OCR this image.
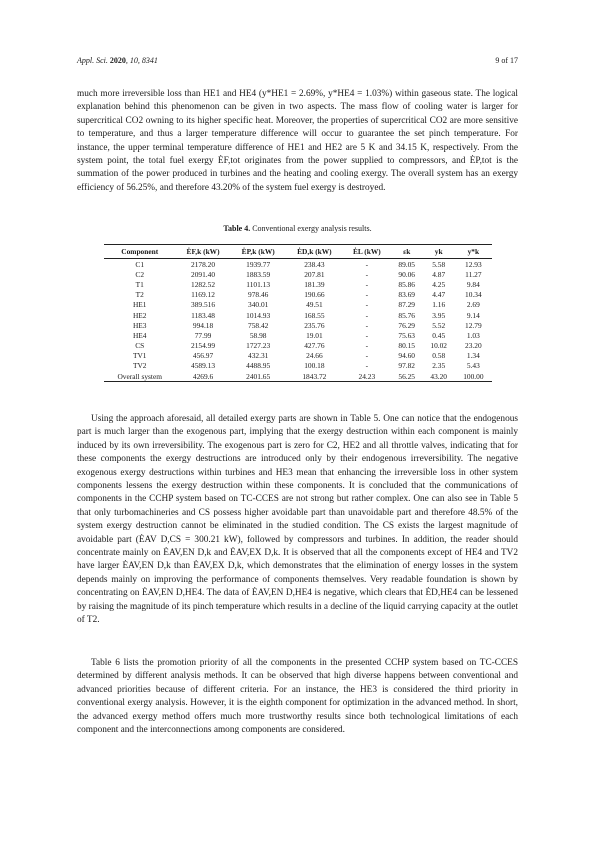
Appl. Sci. 2020, 10, 8341	9 of 17

much more irreversible loss than HE1 and HE4 (y*HE1 = 2.69%, y*HE4 = 1.03%) within gaseous state. The logical explanation behind this phenomenon can be given in two aspects. The mass flow of cooling water is larger for supercritical CO2 owning to its higher specific heat. Moreover, the properties of supercritical CO2 are more sensitive to temperature, and thus a larger temperature difference will occur to guarantee the set pinch temperature. For instance, the upper terminal temperature difference of HE1 and HE2 are 5 K and 34.15 K, respectively. From the system point, the total fuel exergy ĖF,tot originates from the power supplied to compressors, and ĖP,tot is the summation of the power produced in turbines and the heating and cooling exergy. The overall system has an exergy efficiency of 56.25%, and therefore 43.20% of the system fuel exergy is destroyed.

Table 4. Conventional exergy analysis results.
Component	ĖF,k (kW)	ĖP,k (kW)	ĖD,k (kW)	ĖL (kW)	εk	yk	y*k
C1	2178.20	1939.77	238.43	-	89.05	5.58	12.93
C2	2091.40	1883.59	207.81	-	90.06	4.87	11.27
T1	1282.52	1101.13	181.39	-	85.86	4.25	9.84
T2	1169.12	978.46	190.66	-	83.69	4.47	10.34
HE1	389.516	340.01	49.51	-	87.29	1.16	2.69
HE2	1183.48	1014.93	168.55	-	85.76	3.95	9.14
HE3	994.18	758.42	235.76	-	76.29	5.52	12.79
HE4	77.99	58.98	19.01	-	75.63	0.45	1.03
CS	2154.99	1727.23	427.76	-	80.15	10.02	23.20
TV1	456.97	432.31	24.66	-	94.60	0.58	1.34
TV2	4589.13	4488.95	100.18	-	97.82	2.35	5.43
Overall system	4269.6	2401.65	1843.72	24.23	56.25	43.20	100.00

Using the approach aforesaid, all detailed exergy parts are shown in Table 5. One can notice that the endogenous part is much larger than the exogenous part, implying that the exergy destruction within each component is mainly induced by its own irreversibility. The exogenous part is zero for C2, HE2 and all throttle valves, indicating that for these components the exergy destructions are introduced only by their endogenous irreversibility. The negative exogenous exergy destructions within turbines and HE3 mean that enhancing the irreversible loss in other system components lessens the exergy destruction within these components. It is concluded that the communications of components in the CCHP system based on TC-CCES are not strong but rather complex. One can also see in Table 5 that only turbomachineries and CS possess higher avoidable part than unavoidable part and therefore 48.5% of the system exergy destruction cannot be eliminated in the studied condition. The CS exists the largest magnitude of avoidable part (ĖAV D,CS = 300.21 kW), followed by compressors and turbines. In addition, the reader should concentrate mainly on ĖAV,EN D,k and ĖAV,EX D,k. It is observed that all the components except of HE4 and TV2 have larger ĖAV,EN D,k than ĖAV,EX D,k, which demonstrates that the elimination of energy losses in the system depends mainly on improving the performance of components themselves. Very readable foundation is shown by concentrating on ĖAV,EN D,HE4. The data of ĖAV,EN D,HE4 is negative, which clears that ĖD,HE4 can be lessened by raising the magnitude of its pinch temperature which results in a decline of the liquid carrying capacity at the outlet of T2.

Table 6 lists the promotion priority of all the components in the presented CCHP system based on TC-CCES determined by different analysis methods. It can be observed that high diverse happens between conventional and advanced priorities because of different criteria. For an instance, the HE3 is considered the third priority in conventional exergy analysis. However, it is the eighth component for optimization in the advanced method. In short, the advanced exergy method offers much more trustworthy results since both technological limitations of each component and the interconnections among components are considered.
